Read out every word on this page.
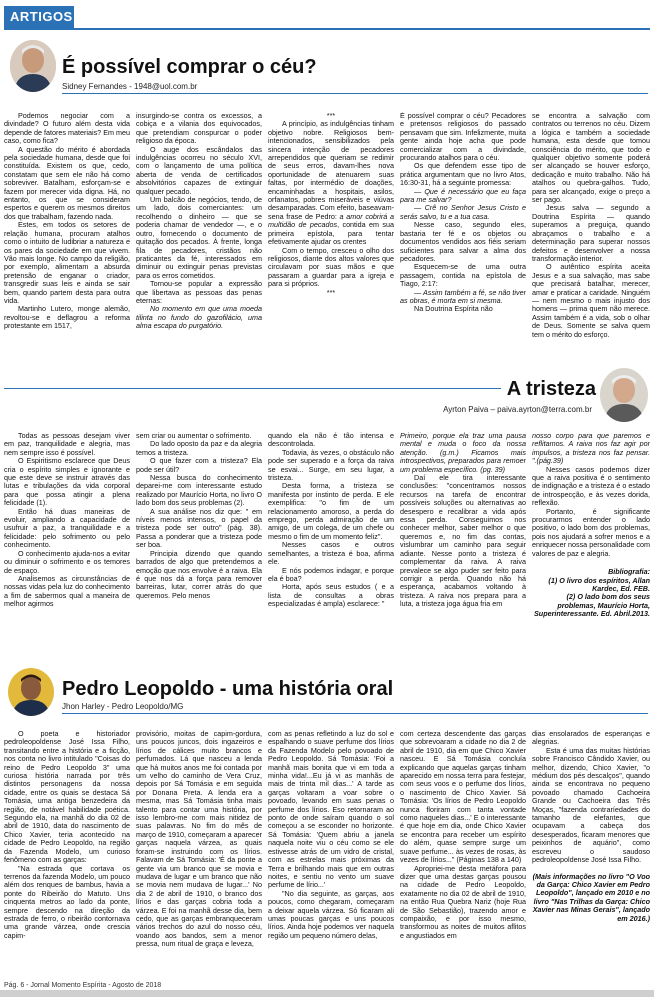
ARTIGOS
É possível comprar o céu?
Sidney Fernandes - 1948@uol.com.br

Podemos negociar com a divindade? O futuro além desta vida depende de fatores materiais? Em meu caso, como fica?

A questão do mérito é abordada pela sociedade humana, desde que foi constituída. Existem os que, cedo, constatam que sem ele não há como sobreviver. Batalham, esforçam-se e fazem por merecer vida digna. Há, no entanto, os que se consideram espertos e querem os mesmos direitos dos que trabalham, fazendo nada.

Estes, em todos os setores de relação humana, procuram atalhos como o intuito de ludibriar a natureza e os pares da sociedade em que vivem. Vão mais longe. No campo da religião, por exemplo, alimentam a absurda pretensão de enganar o criador, transgredir suas leis e ainda se sair bem, quando partem desta para outra vida.

Martinho Lutero, monge alemão, revoltou-se e deflagrou a reforma protestante em 1517,

insurgindo-se contra os excessos, a cobiça e a vilania dos equivocados, que pretendiam conspurcar o poder religioso da época.

O auge dos escândalos das indulgências ocorreu no século XVI, com o lançamento de uma política aberta de venda de certificados absolvitórios capazes de extinguir qualquer pecado.

Um balcão de negócios, tendo, de um lado, dois comerciantes: um recolhendo o dinheiro — que se poderia chamar de vendedor —, e o outro, fornecendo o documento de quitação dos pecados. À frente, longa fila de pecadores, cristãos não praticantes da fé, interessados em diminuir ou extinguir penas previstas para os erros cometidos.

Tornou-se popular a expressão que libertava as pessoas das penas eternas:

No momento em que uma moeda tilinta no fundo do gazofilácio, uma alma escapa do purgatório.

***

A princípio, as indulgências tinham objetivo nobre. Religiosos bem-intencionados, sensibilizados pela sincera intenção de pecadores arrependidos que queriam se redimir de seus erros, davam-lhes nova oportunidade de atenuarem suas faltas, por intermédio de doações, encaminhadas a hospitais, asilos, orfanatos, pobres miseráveis e viúvas desamparadas. Com efeito, baseavam-sena frase de Pedro: a amor cobrirá a multidão de pecados, contida em sua primeira epístola, para tentar efetivamente ajudar os crentes

Com o tempo, cresceu o olho dos religiosos, diante dos altos valores que circulavam por suas mãos e que passaram a guardar para a igreja e para si próprios.

***

É possível comprar o céu? Pecadores e pretensos religiosos do passado pensavam que sim. Infelizmente, muita gente ainda hoje acha que pode comercializar com a divindade, procurando atalhos para o céu.

Os que defendem esse tipo de prática argumentam que no livro Atos, 16:30-31, há a seguinte promessa:

— Que é necessário que eu faça para me salvar?

— Crê no Senhor Jesus Cristo e serás salvo, tu e a tua casa.

Nesse caso, segundo eles, bastaria ter fé e os objetos ou documentos vendidos aos fiéis seriam suficientes para salvar a alma dos pecadores.

Esquecem-se de uma outra passagem, contida na epístola de Tiago, 2:17:

— Assim também a fé, se não tiver as obras, é morta em si mesma.

Na Doutrina Espírita não

se encontra a salvação com contratos ou terrenos no céu. Dizem a lógica e também a sociedade humana, esta desde que tomou consciência do mérito, que todo e qualquer objetivo somente poderá ser alcançado se houver esforço, dedicação e muito trabalho. Não há atalhos ou quebra-galhos. Tudo, para ser alcançado, exige o preço a ser pago.

Jesus salva — segundo a Doutrina Espírita — quando superamos a preguiça, quando abraçamos o trabalho e a determinação para superar nossos defeitos e desenvolver a nossa transformação interior.

O autêntico espírita aceita Jesus e a sua salvação, mas sabe que precisará batalhar, merecer, amar e praticar a caridade. Ninguém — nem mesmo o mais injusto dos homens — prima quem não merece. Assim também é a vida, sob o olhar de Deus. Somente se salva quem tem o mérito do esforço.

A tristeza
Ayrton Paiva – paiva.ayrton@terra.com.br

Todas as pessoas desejam viver em paz, tranquilidade e alegria, mas nem sempre isso é possível.

O Espiritismo esclarece que Deus cria o espírito simples e ignorante e que este deve se instruir através das lutas e tribulações da vida corporal para que possa atingir a plena felicidade (1).

Então há duas maneiras de evoluir, ampliando a capacidade de usufruir a paz, a tranquilidade e a felicidade: pelo sofrimento ou pelo conhecimento.

O conhecimento ajuda-nos a evitar ou diminuir o sofrimento e os temores de espaço.

Analisemos as circunstâncias de nossas vidas pela luz do conhecimento a fim de sabermos qual a maneira de melhor agirmos

sem criar ou aumentar o sofrimento.

Do lado oposto da paz e da alegria temos a tristeza.

O que fazer com a tristeza? Ela pode ser útil?

Nessa busca do conhecimento deparei-me com interessante estudo realizado por Maurício Horta, no livro O lado bom dos seus problemas (2).

A sua análise nos diz que: " em níveis menos intensos, o papel da tristeza pode ser outro" (pág. 38). Passa a ponderar que a tristeza pode ser boa.

Principia dizendo que quando barrados de algo que pretendemos a emoção que nos envolve é a raiva. Ela é que nos dá a força para remover barreiras, lutar, correr atrás do que queremos. Pelo menos

quando ela não é tão intensa e descontrolada.

Todavia, às vezes, o obstáculo não pode ser superado e a força da raiva se esvai... Surge, em seu lugar, a tristeza.

Desta forma, a tristeza se manifesta por instinto de perda. E ele exemplifica: "o fim de um relacionamento amoroso, a perda do emprego, perda admiração de um amigo, de um colega, de um chefe ou mesmo o fim de um momento feliz".

Nesses casos e outros semelhantes, a tristeza é boa, afirma ele.

E nós podemos indagar, e porque ela é boa?

Horta, após seus estudos ( e a lista de consultas a obras especializadas é ampla) esclarece: "

Primeiro, porque ela traz uma pausa mental e muda o foco da nossa atenção. (g.m.) Ficamos mais introspectivos, preparados para remoer um problema específico. (pg. 39)

Daí ele tira interessante conclusões: "concentramos nossos recursos na tarefa de encontrar possíveis soluções ou alternativas ao desespero e recalibrar a vida após essa perda. Conseguimos nos conhecer melhor, saber melhor o que queremos e, no fim das contas, vislumbrar um caminho para seguir adiante. Nesse ponto a tristeza é complementar da raiva. A raiva prevalece se algo puder ser feito para corrigir a perda. Quando não há esperança, acabamos voltando à tristeza. A raiva nos prepara para a luta, a tristeza joga água fria em

nosso corpo para que paremos e reflitamos. A raiva nos faz agir por impulsos, a tristeza nos faz pensar. ".(pág.39)

Nesses casos podemos dizer que a raiva positiva é o sentimento de indignação e a tristeza é o estado de introspecção, e às vezes dorida, reflexão.

Portanto, é significante procurarmos entender o lado positivo, o lado bom dos problemas, pois nos ajudará a sofrer menos e a enriquecer nossa personalidade com valores de paz e alegria.

Bibliografia:
(1) O livro dos espíritos, Allan Kardec, Ed. FEB.
(2) O lado bom dos seus problemas, Maurício Horta, Superinteressante. Ed. Abril.2013.
Pedro Leopoldo - uma história oral
Jhon Harley - Pedro Leopoldo/MG

O poeta e historiador pedroleopoldense José Issa Filho, transitando entre a história e a ficção, nos conta no livro intitulado "Coisas do reino de Pedro Leopoldo 3" uma curiosa história narrada por três distintos personagens da nossa cidade, entre os quais se destaca Sá Tomásia, uma antiga benzedeira da região, de notável habilidade poética. Segundo ela, na manhã do dia 02 de abril de 1910, data do nascimento de Chico Xavier, teria acontecido na cidade de Pedro Leopoldo, na região da Fazenda Modelo, um curioso fenômeno com as garças:

"Na estrada que cortava os terrenos da fazenda Modelo, um pouco além dos renques de bambus, havia a ponte do Ribeirão do Matuto. Uns cinquenta metros ao lado da ponte, sempre descendo na direção da estrada de ferro, o ribeirão contornava uma grande várzea, onde crescia capim-

provisório, moitas de capim-gordura, uns poucos juncos, dois ingazeiros e lírios de cálices muito brancos e perfumados. Lá que nasceu a lenda que há muitos anos me foi contada por um velho do caminho de Vera Cruz, depois por Sá Tomásia e em seguida por Donana Preta. A lenda era a mesma, mas Sá Tomásia tinha mais talento para contar uma história, por isso lembro-me com mais nitidez de suas palavras. No fim do mês de março de 1910, começaram a aparecer garças naquela várzea, as quais foram-se instruindo com os lírios. Falavam de Sá Tomásia: 'É da ponte a gente via um branco que se movia e mudava de lugar e um branco que não se movia nem mudava de lugar...' No dia 2 de abril de 1910, o branco dos lírios e das garças cobria toda a várzea. E foi na manhã desse dia, bem cedo, que as garças embranqueceram vários trechos do azul do nosso céu, voando aos bandos, sem a menor pressa, num ritual de graça e leveza,

com as penas refletindo a luz do sol e espalhando o suave perfume dos lírios da Fazenda Modelo pelo povoado de Pedro Leopoldo. Sá Tomásia: 'Foi a manhã mais bonita que vi em toda a minha vida!...Eu já vi as manhãs de mais de trinta mil dias...' A tarde as garças voltaram a voar sobre o povoado, levando em suas penas o perfume dos lírios. Eso retornaram ao ponto de onde saíram quando o sol começou a se esconder no horizonte. Sá Tomásia: 'Quem abriu a janela naquela noite viu o céu como se ele estivesse atrás de um vidro de cristal, com as estrelas mais próximas da Terra e brilhando mais que em outras noites, e sentiu no vento um suave perfume de lírio...'

"No dia seguinte, as garças, aos poucos, como chegaram, começaram a deixar aquela várzea. Só ficaram ali umas poucas garças e uns poucos lírios. Ainda hoje podemos ver naquela região um pequeno número delas,

com certeza descendente das garças que sobrevoaram a cidade no dia 2 de abril de 1910, dia em que Chico Xavier nasceu. E Sá Tomásia concluía explicando que aquelas garças tinham aparecido em nossa terra para festejar, com seus voos e o perfume dos lírios, o nascimento de Chico Xavier. Sá Tomásia: 'Os lírios de Pedro Leopoldo nunca floriram com tanta vontade como naqueles dias...' E o interessante é que hoje em dia, onde Chico Xavier se encontra para receber um espírito do além, quase sempre surge um suave perfume... às vezes de rosas, às vezes de lírios..." (Páginas 138 a 140)

Apropriei-me desta metáfora para dizer que uma destas garças pousou na cidade de Pedro Leopoldo, exatamente no dia 02 de abril de 1910, na então Rua Quebra Nariz (hoje Rua de São Sebastião), trazendo amor e compaixão, e por isso mesmo, transformou as noites de muitos aflitos e angustiados em

dias ensolarados de esperanças e alegrias.

Esta é uma das muitas histórias sobre Francisco Cândido Xavier, ou melhor, dizendo, Chico Xavier, "o médium dos pés descalços", quando ainda se encontrava no pequeno povoado chamado Cachoeira Grande ou Cachoeira das Três Moças, "fazenda contraríedades do tamanho de elefantes, que ocupavam a cabeça dos desesperados, ficaram menores que peixinhos de aquário", como escreveu o saudoso pedroleopoldense José Issa Filho.

(Mais informações no livro "O Voo da Garça: Chico Xavier em Pedro Leopoldo", lançado em 2010 e no livro "Nas Trilhas da Garça: Chico Xavier nas Minas Gerais", lançado em 2016.)

Pág. 6 - Jornal Momento Espírita - Agosto de 2018
